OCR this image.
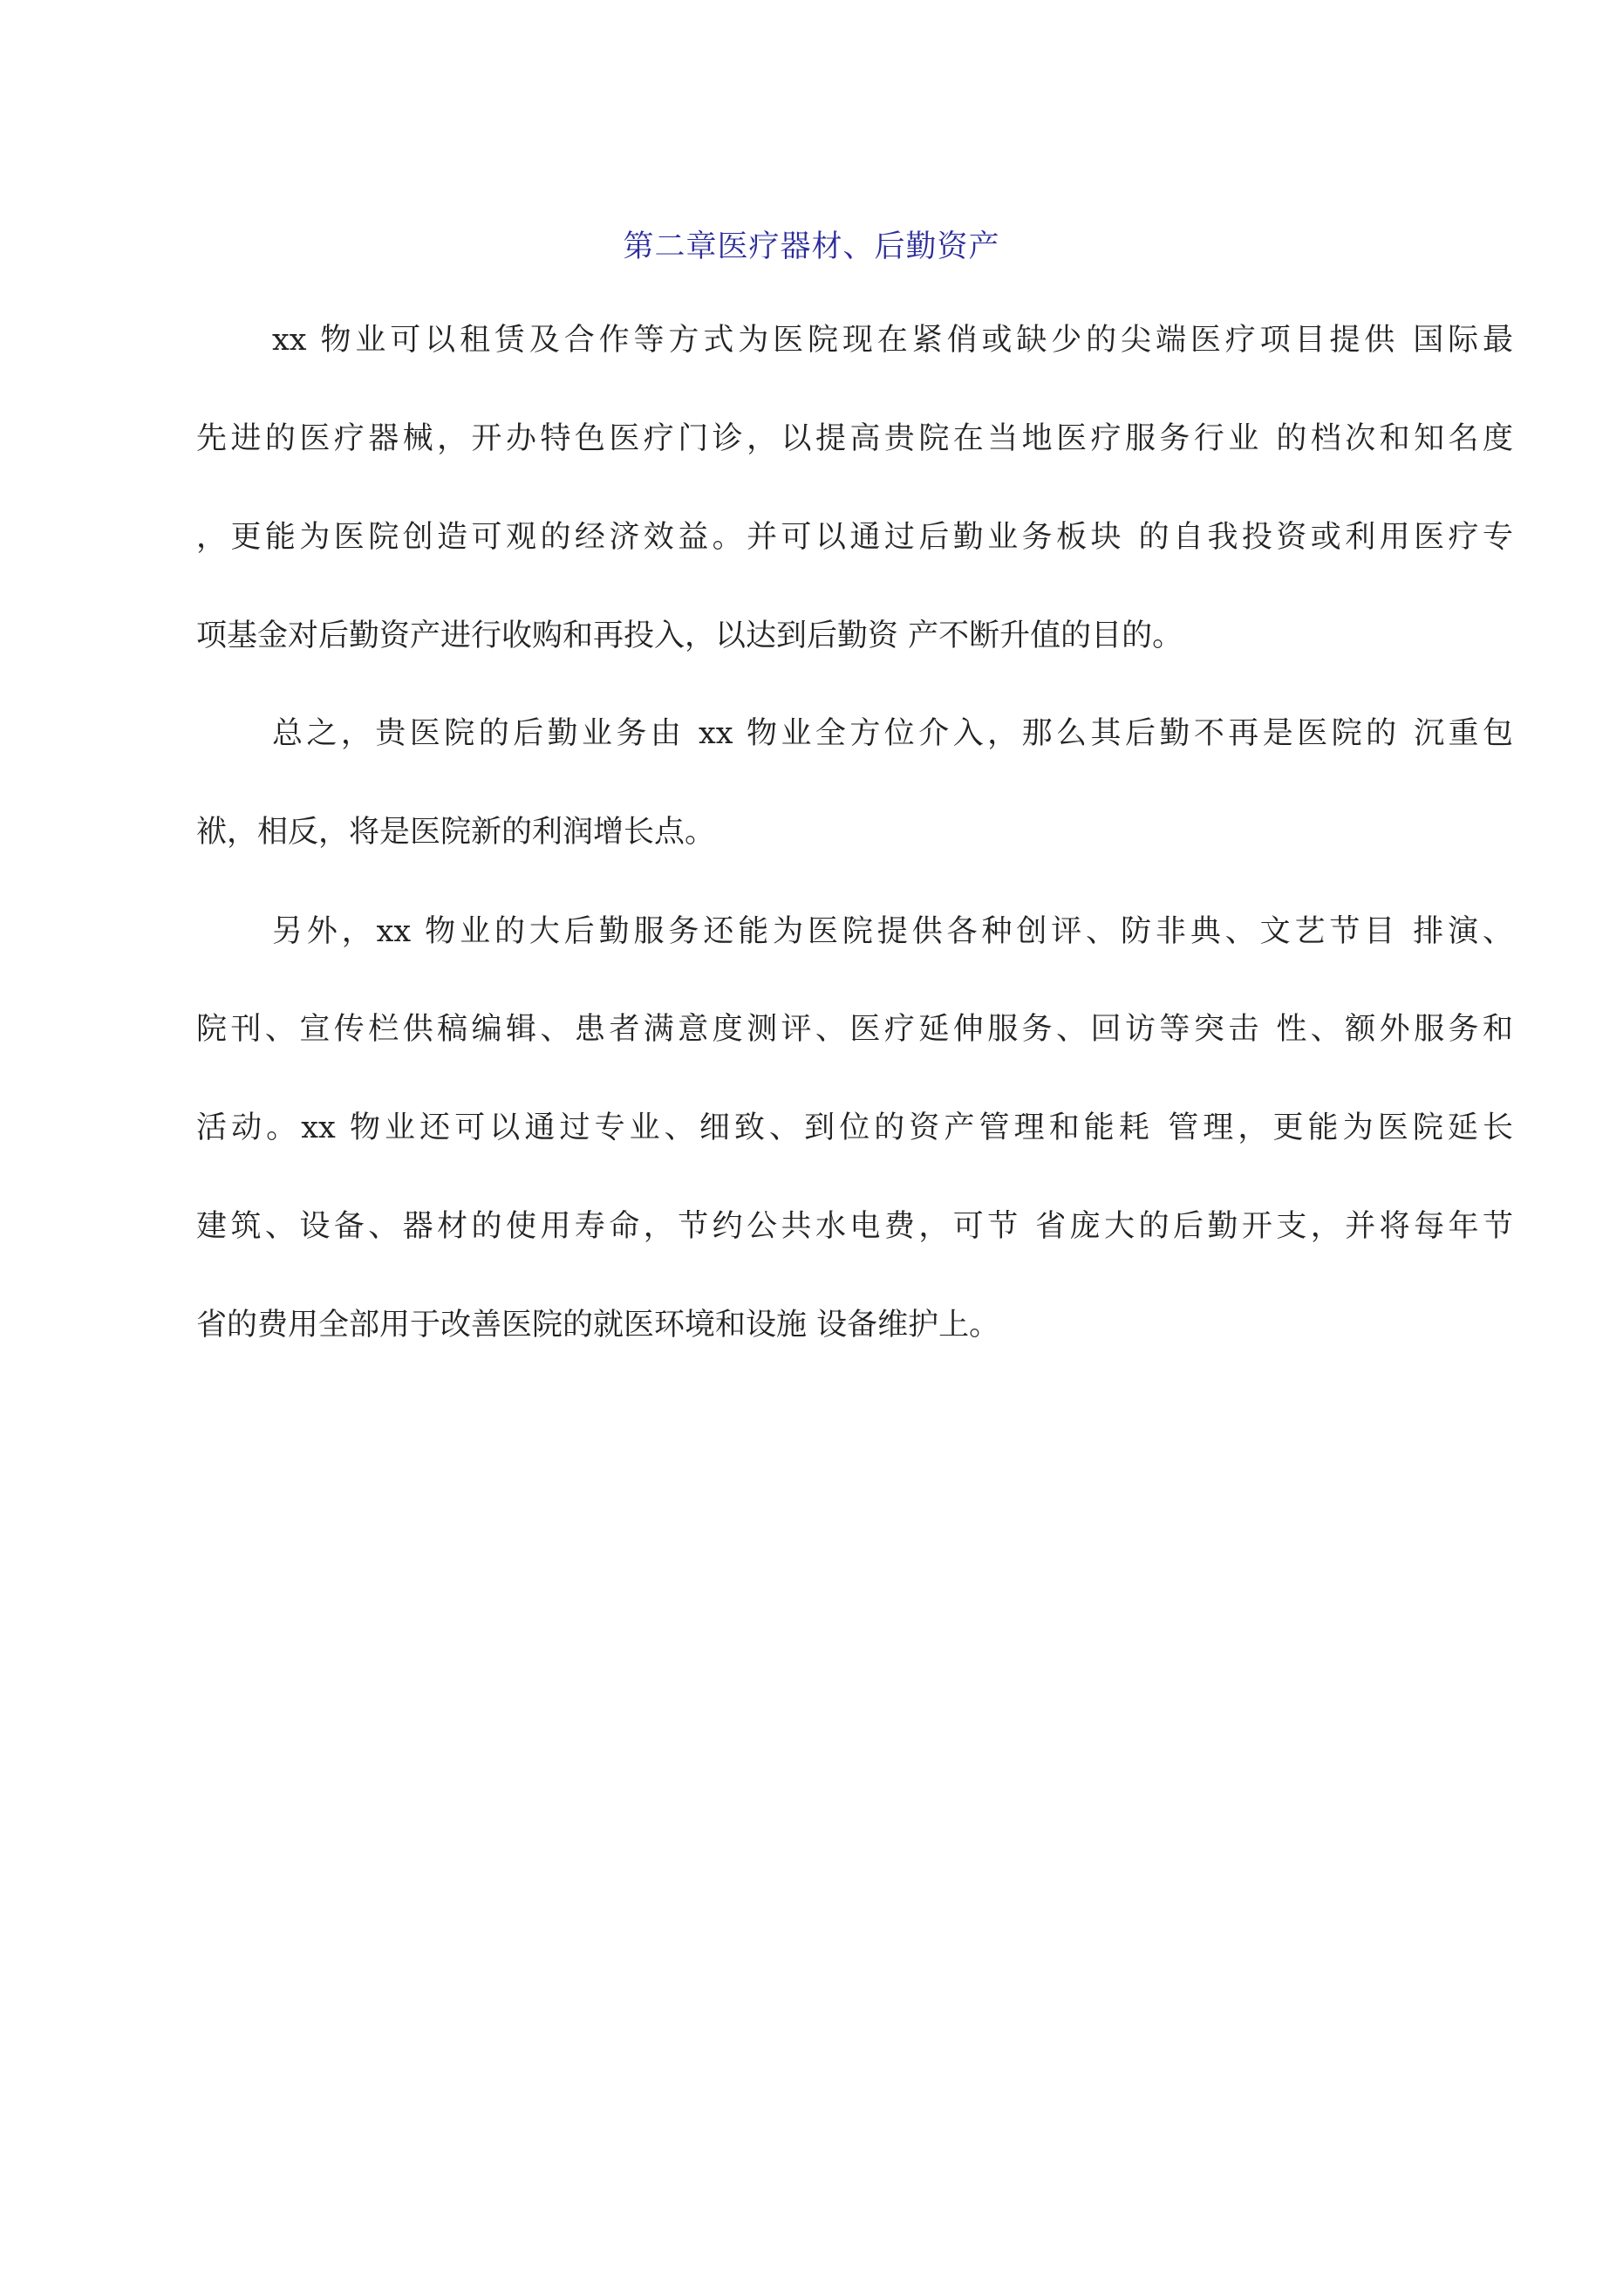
第二章医疗器材、后勤资产
xx 物业可以租赁及合作等方式为医院现在紧俏或缺少的尖端医疗项目提供 国际最
先进的医疗器械，开办特色医疗门诊，以提高贵院在当地医疗服务行业 的档次和知名度
，更能为医院创造可观的经济效益。并可以通过后勤业务板块 的自我投资或利用医疗专
项基金对后勤资产进行收购和再投入，以达到后勤资 产不断升值的目的。
总之，贵医院的后勤业务由 xx 物业全方位介入，那么其后勤不再是医院的 沉重包
袱，相反，将是医院新的利润增长点。
另外，xx 物业的大后勤服务还能为医院提供各种创评、防非典、文艺节目 排演、
院刊、宣传栏供稿编辑、患者满意度测评、医疗延伸服务、回访等突击 性、额外服务和
活动。xx 物业还可以通过专业、细致、到位的资产管理和能耗 管理，更能为医院延长
建筑、设备、器材的使用寿命，节约公共水电费，可节 省庞大的后勤开支，并将每年节
省的费用全部用于改善医院的就医环境和设施 设备维护上。
